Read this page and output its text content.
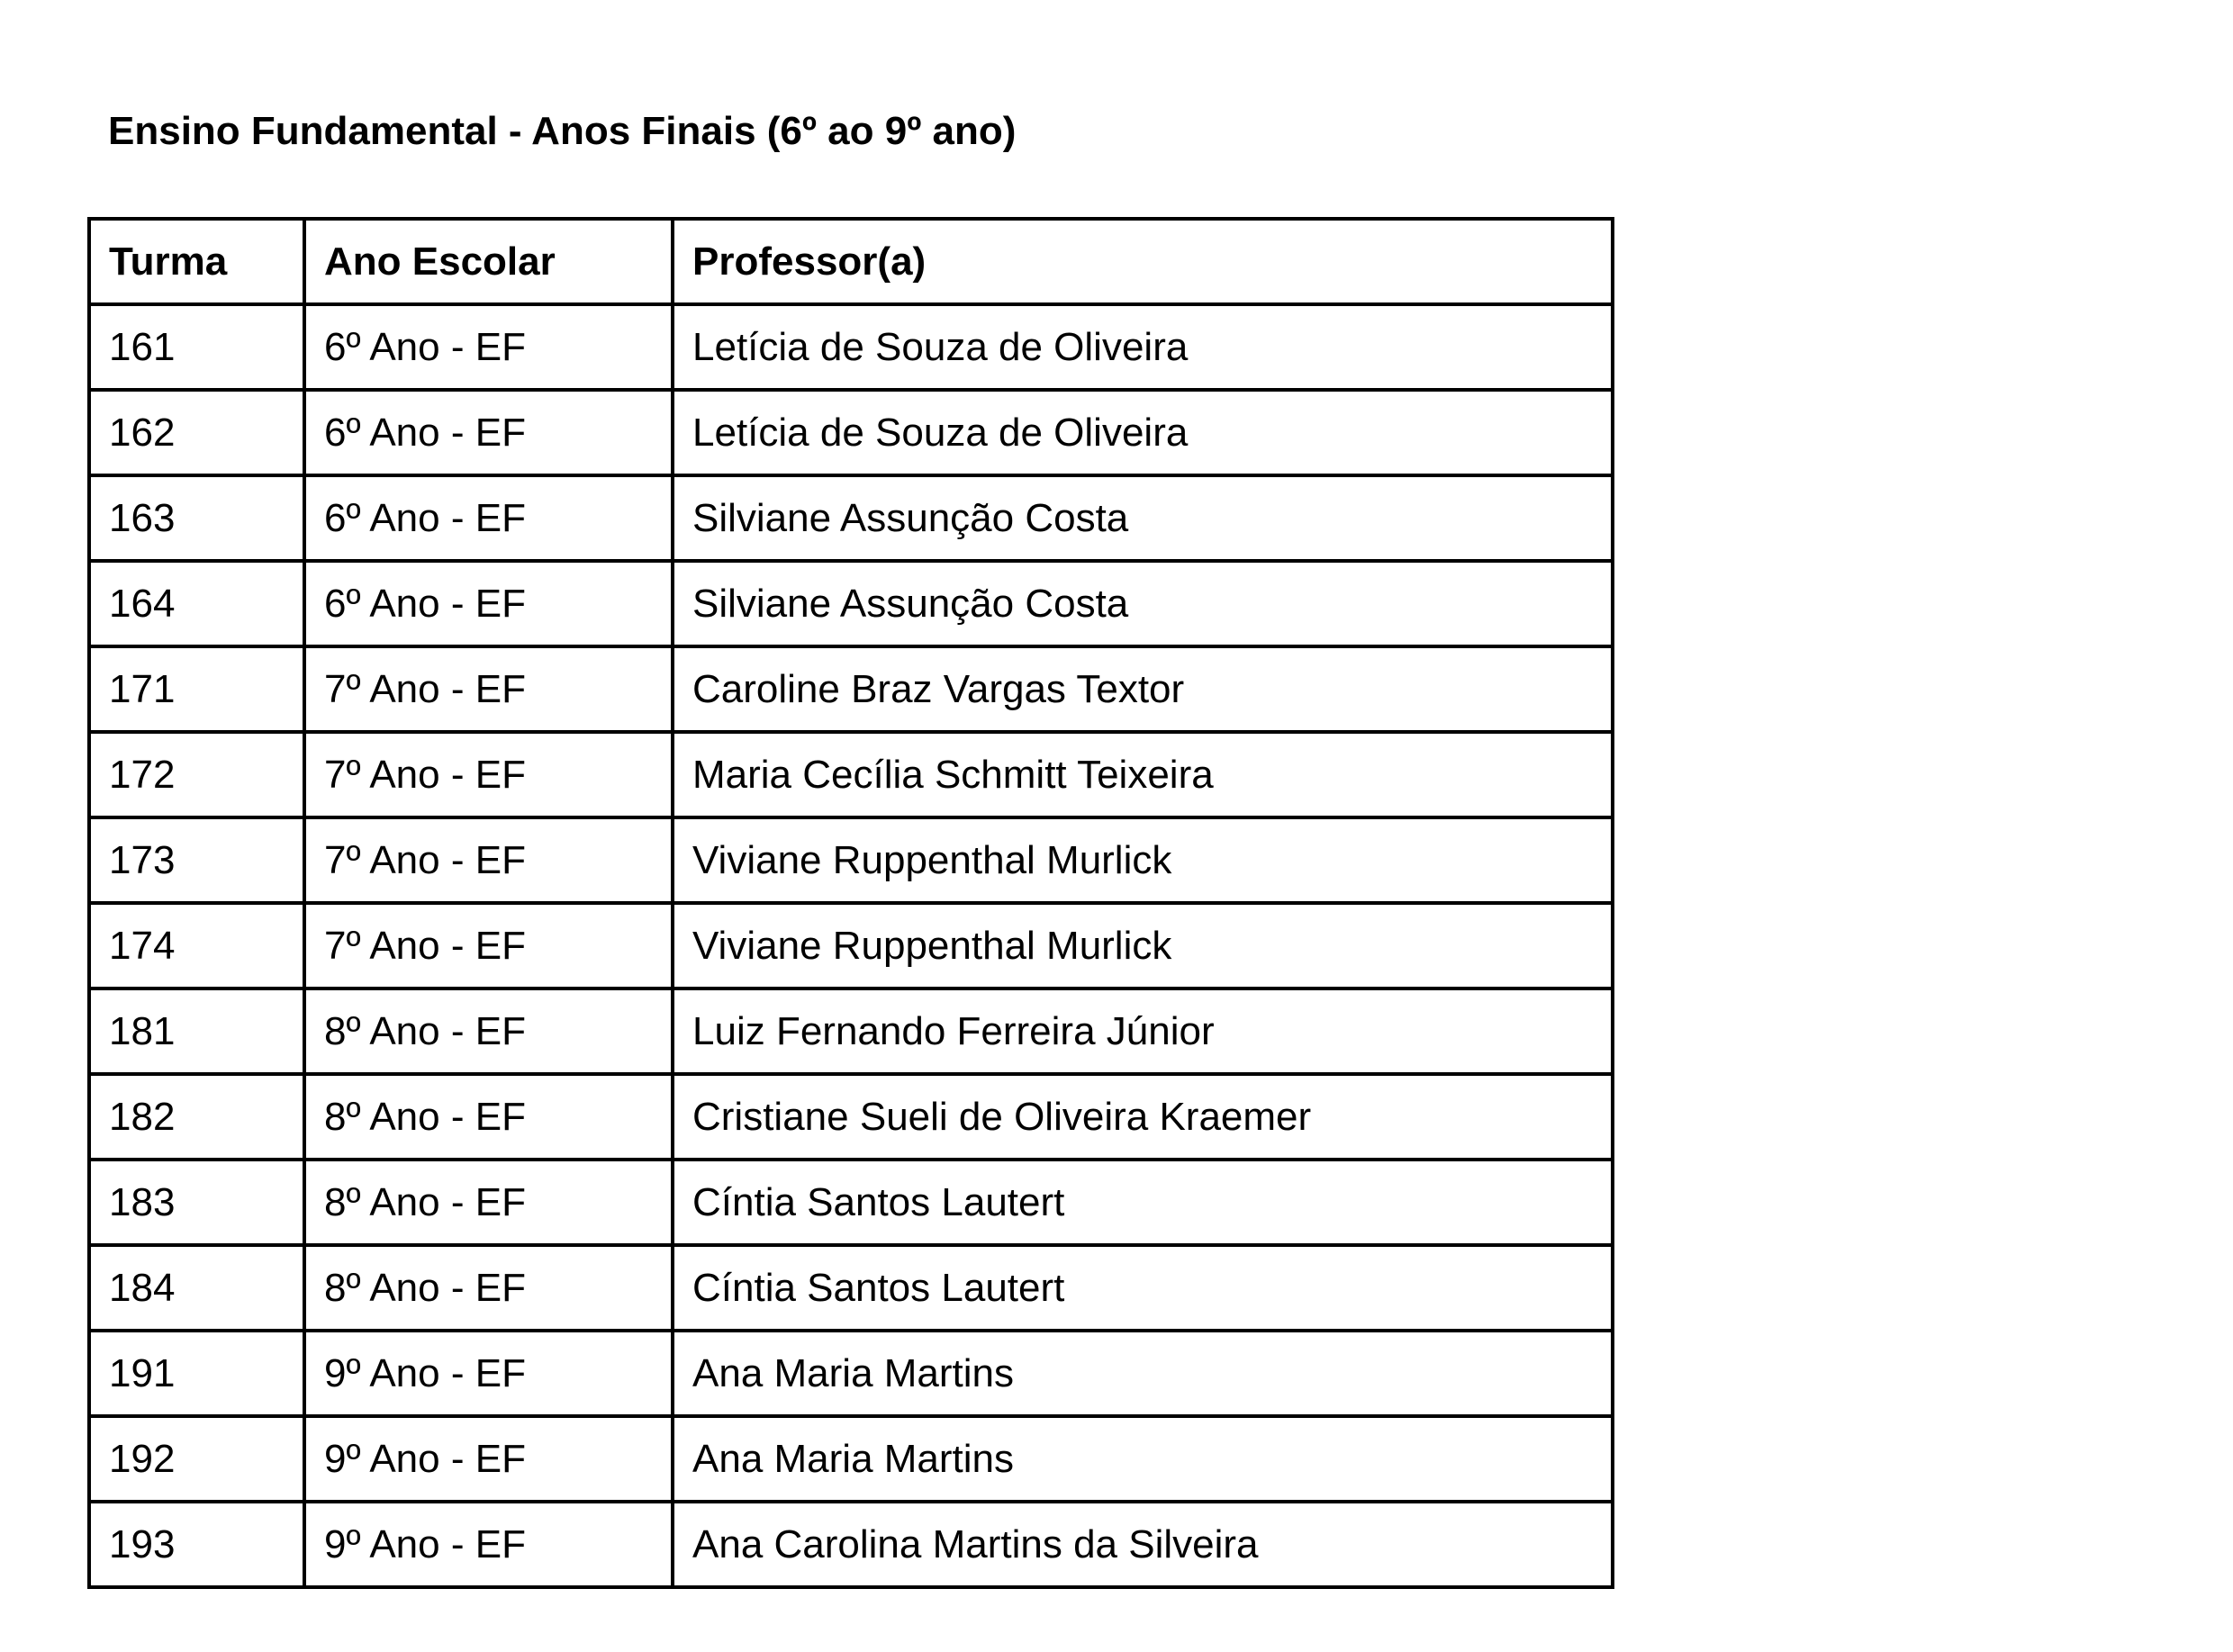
Ensino Fundamental - Anos Finais (6º ao 9º ano)
Turma	Ano Escolar	Professor(a)
161	6º Ano - EF	Letícia de Souza de Oliveira
162	6º Ano - EF	Letícia de Souza de Oliveira
163	6º Ano - EF	Silviane Assunção Costa
164	6º Ano - EF	Silviane Assunção Costa
171	7º Ano - EF	Caroline Braz Vargas Textor
172	7º Ano - EF	Maria Cecília Schmitt Teixeira
173	7º Ano - EF	Viviane Ruppenthal Murlick
174	7º Ano - EF	Viviane Ruppenthal Murlick
181	8º Ano - EF	Luiz Fernando Ferreira Júnior
182	8º Ano - EF	Cristiane Sueli de Oliveira Kraemer
183	8º Ano - EF	Cíntia Santos Lautert
184	8º Ano - EF	Cíntia Santos Lautert
191	9º Ano - EF	Ana Maria Martins
192	9º Ano - EF	Ana Maria Martins
193	9º Ano - EF	Ana Carolina Martins da Silveira
